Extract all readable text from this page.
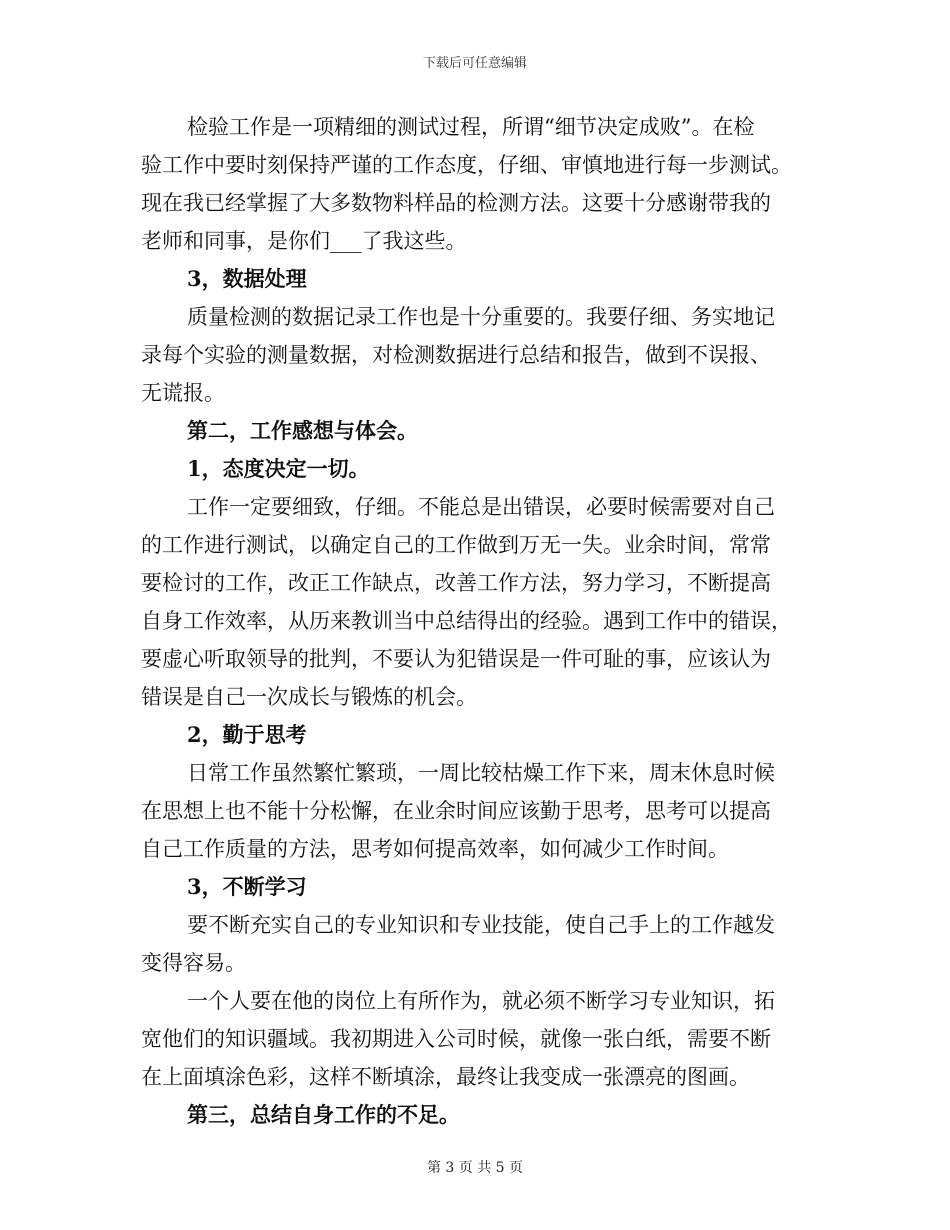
下载后可任意编辑
检验工作是一项精细的测试过程，所谓“细节决定成败”。在检
验工作中要时刻保持严谨的工作态度，仔细、审慎地进行每一步测试。
现在我已经掌握了大多数物料样品的检测方法。这要十分感谢带我的
老师和同事，是你们___了我这些。
3，数据处理
质量检测的数据记录工作也是十分重要的。我要仔细、务实地记
录每个实验的测量数据，对检测数据进行总结和报告，做到不误报、
无谎报。
第二，工作感想与体会。
1，态度决定一切。
工作一定要细致，仔细。不能总是出错误，必要时候需要对自己
的工作进行测试，以确定自己的工作做到万无一失。业余时间，常常
要检讨的工作，改正工作缺点，改善工作方法，努力学习，不断提高
自身工作效率，从历来教训当中总结得出的经验。遇到工作中的错误，
要虚心听取领导的批判，不要认为犯错误是一件可耻的事，应该认为
错误是自己一次成长与锻炼的机会。
2，勤于思考
日常工作虽然繁忙繁琐，一周比较枯燥工作下来，周末休息时候
在思想上也不能十分松懈，在业余时间应该勤于思考，思考可以提高
自己工作质量的方法，思考如何提高效率，如何减少工作时间。
3，不断学习
要不断充实自己的专业知识和专业技能，使自己手上的工作越发
变得容易。
一个人要在他的岗位上有所作为，就必须不断学习专业知识，拓
宽他们的知识疆域。我初期进入公司时候，就像一张白纸，需要不断
在上面填涂色彩，这样不断填涂，最终让我变成一张漂亮的图画。
第三，总结自身工作的不足。
第 3 页 共 5 页
